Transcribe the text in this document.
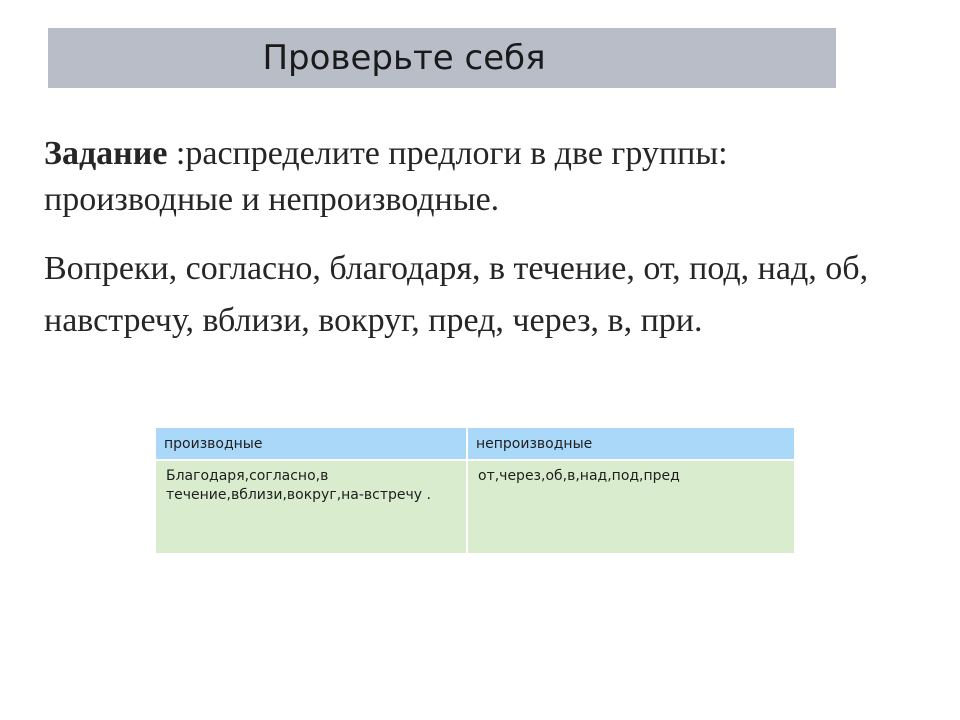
Проверьте себя
Задание :распределите предлоги в две группы: производные и непроизводные.
Вопреки, согласно, благодаря, в течение, от, под, над, об, навстречу, вблизи, вокруг, пред, через, в, при.
производные	непроизводные
Благодаря,согласно,в течение,вблизи,вокруг,на-встречу .	от,через,об,в,над,под,пред
